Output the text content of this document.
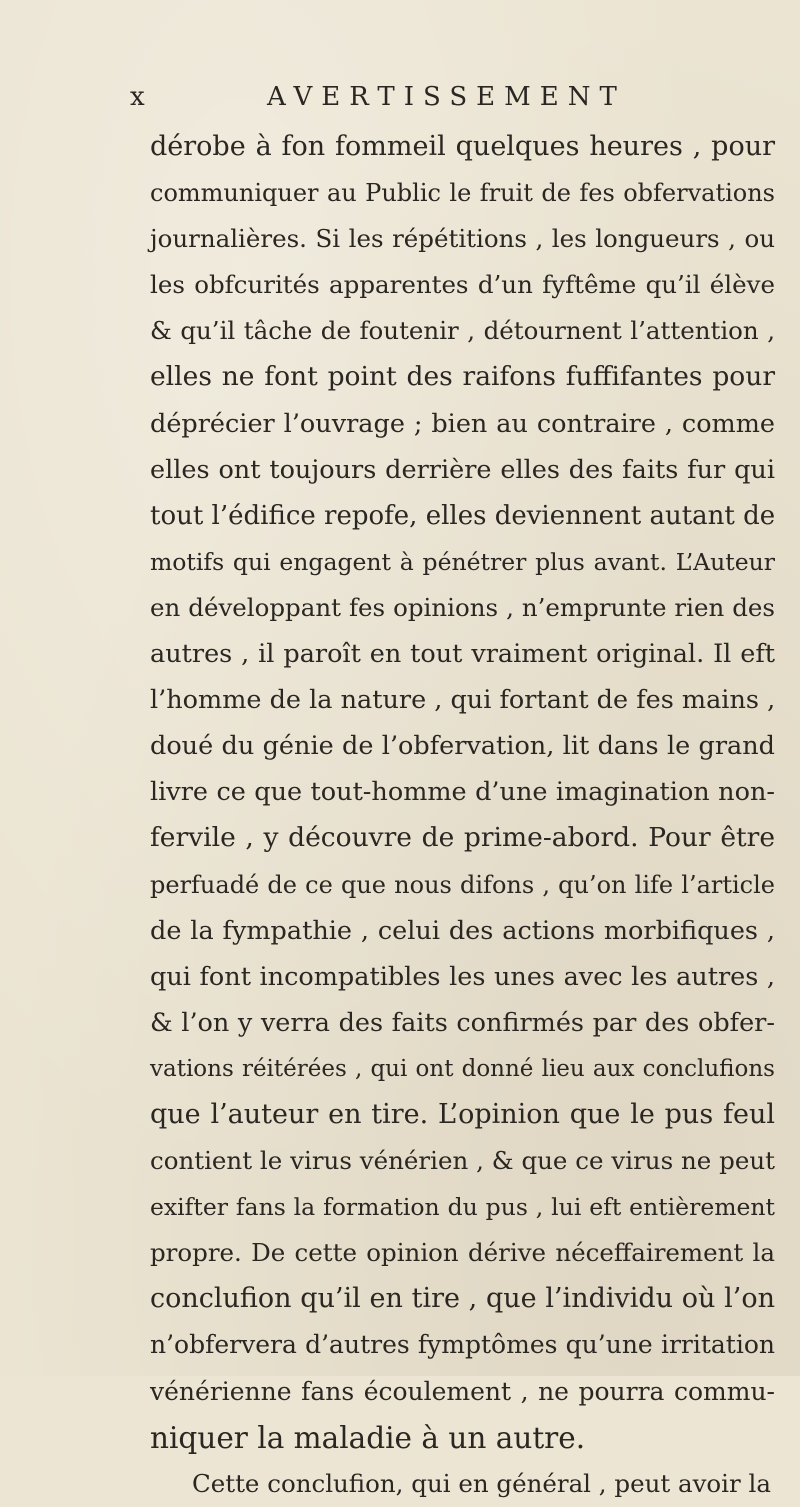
x	AVERTISSEMENT
dérobe à fon fommeil quelques heures , pour
communiquer au Public le fruit de fes obfervations
journalières. Si les répétitions , les longueurs , ou
les obfcurités apparentes d’un fyftême qu’il élève
& qu’il tâche de foutenir , détournent l’attention ,
elles ne font point des raifons fuffifantes pour
déprécier l’ouvrage ; bien au contraire , comme
elles ont toujours derrière elles des faits fur qui
tout l’édifice repofe, elles deviennent autant de
motifs qui engagent à pénétrer plus avant. L’Auteur
en développant fes opinions , n’emprunte rien des
autres , il paroît en tout vraiment original. Il eft
l’homme de la nature , qui fortant de fes mains ,
doué du génie de l’obfervation, lit dans le grand
livre ce que tout-homme d’une imagination non-
fervile , y découvre de prime-abord. Pour être
perfuadé de ce que nous difons , qu’on life l’article
de la fympathie , celui des actions morbifiques ,
qui font incompatibles les unes avec les autres ,
& l’on y verra des faits confirmés par des obfer-
vations réitérées , qui ont donné lieu aux conclufions
que l’auteur en tire. L’opinion que le pus feul
contient le virus vénérien , & que ce virus ne peut
exifter fans la formation du pus , lui eft entièrement
propre. De cette opinion dérive néceffairement la
conclufion qu’il en tire , que l’individu où l’on
n’obfervera d’autres fymptômes qu’une irritation
vénérienne fans écoulement , ne pourra commu-
niquer la maladie à un autre.
Cette conclufion, qui en général , peut avoir la
